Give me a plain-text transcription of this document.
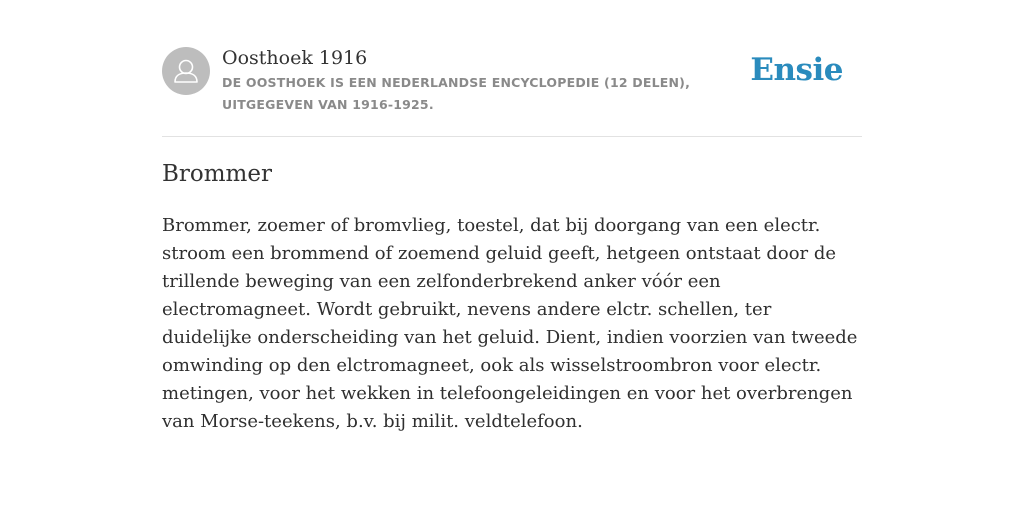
Oosthoek 1916
DE OOSTHOEK IS EEN NEDERLANDSE ENCYCLOPEDIE (12 DELEN), UITGEGEVEN VAN 1916-1925.
Ensie
Brommer

Brommer, zoemer of bromvlieg, toestel, dat bij doorgang van een electr. stroom een brommend of zoemend geluid geeft, hetgeen ontstaat door de trillende beweging van een zelfonderbrekend anker vóór een electromagneet. Wordt gebruikt, nevens andere elctr. schellen, ter duidelijke onderscheiding van het geluid. Dient, indien voorzien van tweede omwinding op den elctromagneet, ook als wisselstroombron voor electr. metingen, voor het wekken in telefoongeleidingen en voor het overbrengen van Morse-teekens, b.v. bij milit. veldtelefoon.
